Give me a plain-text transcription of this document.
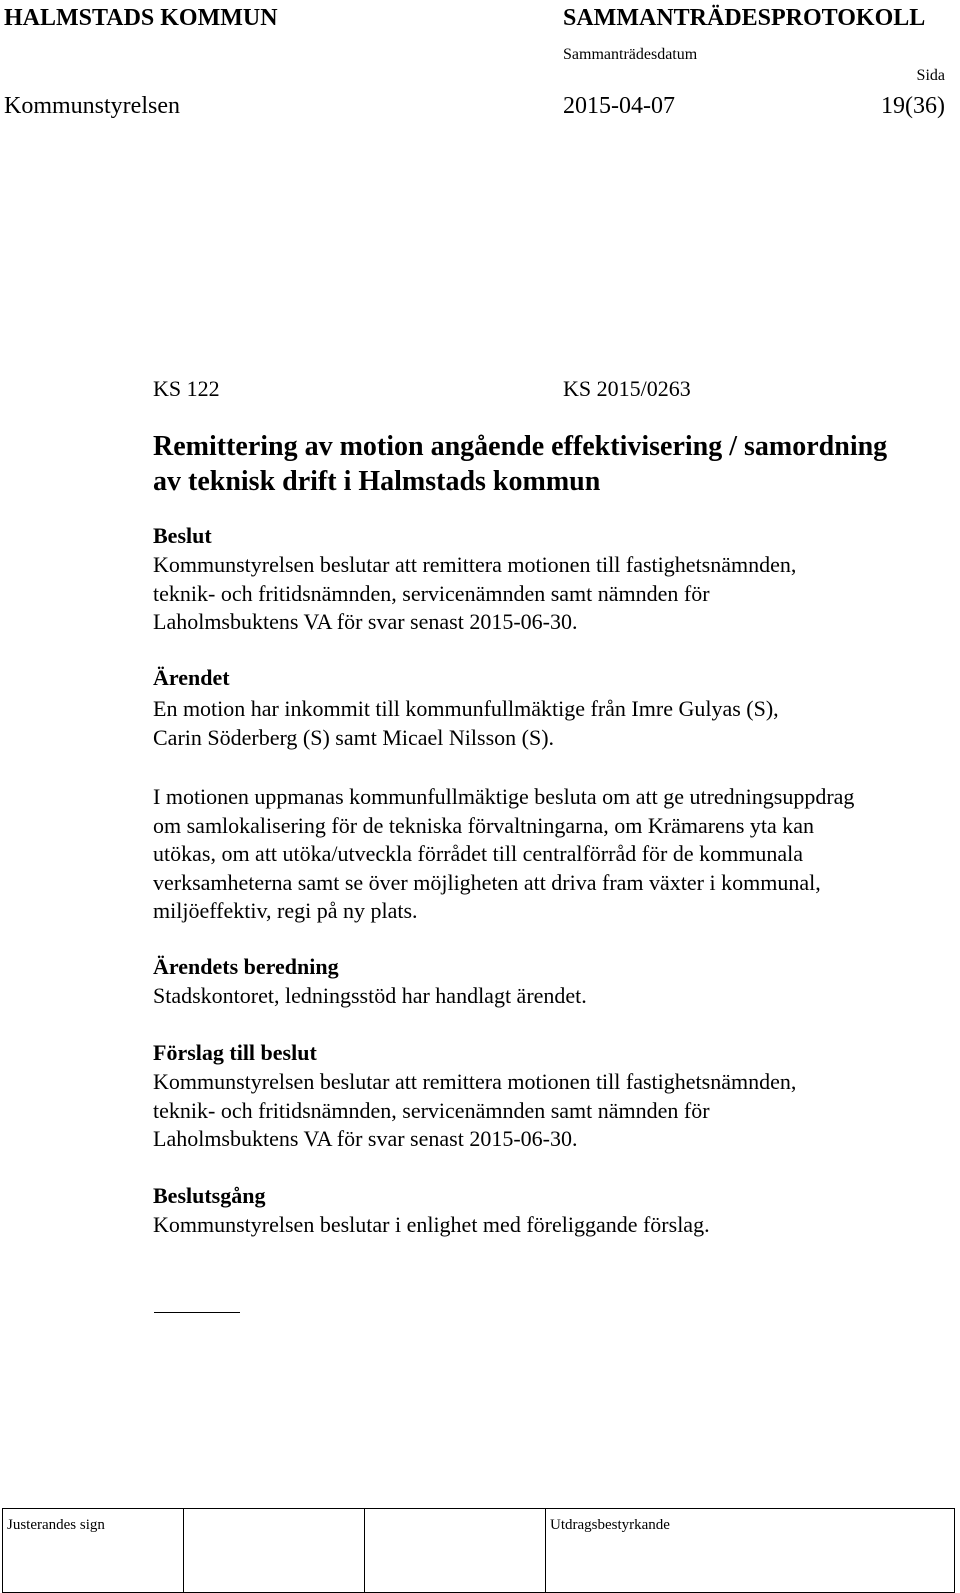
HALMSTADS KOMMUN	SAMMANTRÄDESPROTOKOLL
Sammanträdesdatum
Sida
Kommunstyrelsen	2015-04-07	19(36)
KS 122	KS 2015/0263
Remittering av motion angående effektivisering / samordning
av teknisk drift i Halmstads kommun
Beslut
Kommunstyrelsen beslutar att remittera motionen till fastighetsnämnden,
teknik- och fritidsnämnden, servicenämnden samt nämnden för
Laholmsbuktens VA för svar senast 2015-06-30.
Ärendet
En motion har inkommit till kommunfullmäktige från Imre Gulyas (S),
Carin Söderberg (S) samt Micael Nilsson (S).
I motionen uppmanas kommunfullmäktige besluta om att ge utredningsuppdrag
om samlokalisering för de tekniska förvaltningarna, om Krämarens yta kan
utökas, om att utöka/utveckla förrådet till centralförråd för de kommunala
verksamheterna samt se över möjligheten att driva fram växter i kommunal,
miljöeffektiv, regi på ny plats.
Ärendets beredning
Stadskontoret, ledningsstöd har handlagt ärendet.
Förslag till beslut
Kommunstyrelsen beslutar att remittera motionen till fastighetsnämnden,
teknik- och fritidsnämnden, servicenämnden samt nämnden för
Laholmsbuktens VA för svar senast 2015-06-30.
Beslutsgång
Kommunstyrelsen beslutar i enlighet med föreliggande förslag.
Justerandes sign			Utdragsbestyrkande
